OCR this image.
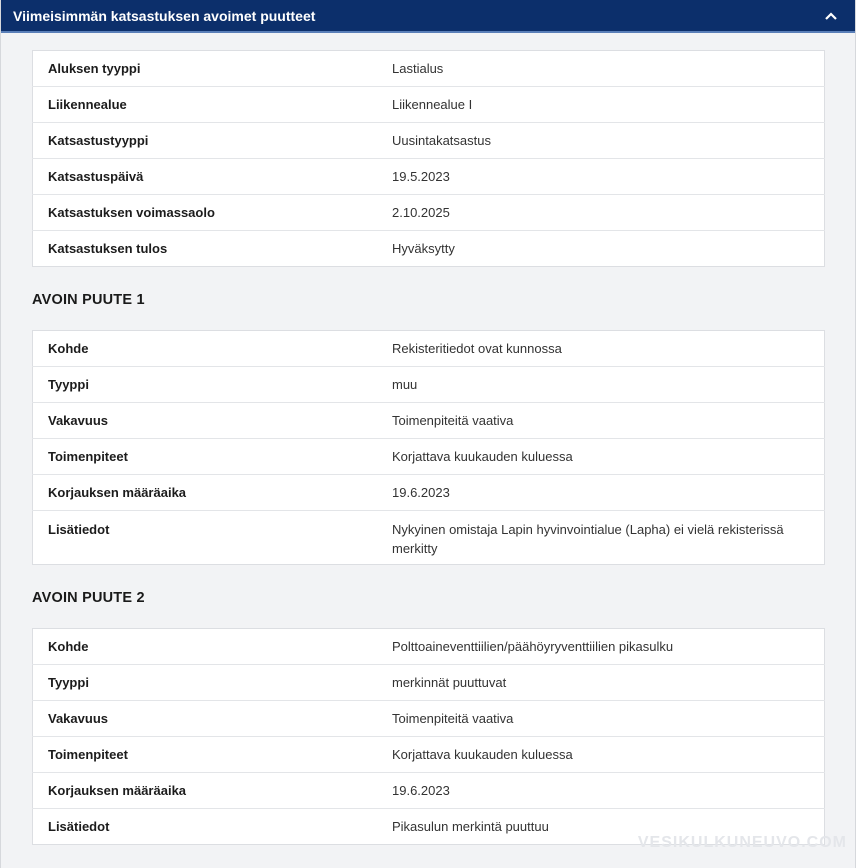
Viimeisimmän katsastuksen avoimet puutteet
Aluksen tyyppi	Lastialus
Liikennealue	Liikennealue I
Katsastustyyppi	Uusintakatsastus
Katsastuspäivä	19.5.2023
Katsastuksen voimassaolo	2.10.2025
Katsastuksen tulos	Hyväksytty
AVOIN PUUTE 1
Kohde	Rekisteritiedot ovat kunnossa
Tyyppi	muu
Vakavuus	Toimenpiteitä vaativa
Toimenpiteet	Korjattava kuukauden kuluessa
Korjauksen määräaika	19.6.2023
Lisätiedot	Nykyinen omistaja Lapin hyvinvointialue (Lapha) ei vielä rekisterissä merkitty
AVOIN PUUTE 2
Kohde	Polttoaineventtiilien/päähöyryventtiilien pikasulku
Tyyppi	merkinnät puuttuvat
Vakavuus	Toimenpiteitä vaativa
Toimenpiteet	Korjattava kuukauden kuluessa
Korjauksen määräaika	19.6.2023
Lisätiedot	Pikasulun merkintä puuttuu
VESIKULKUNEUVO.COM
